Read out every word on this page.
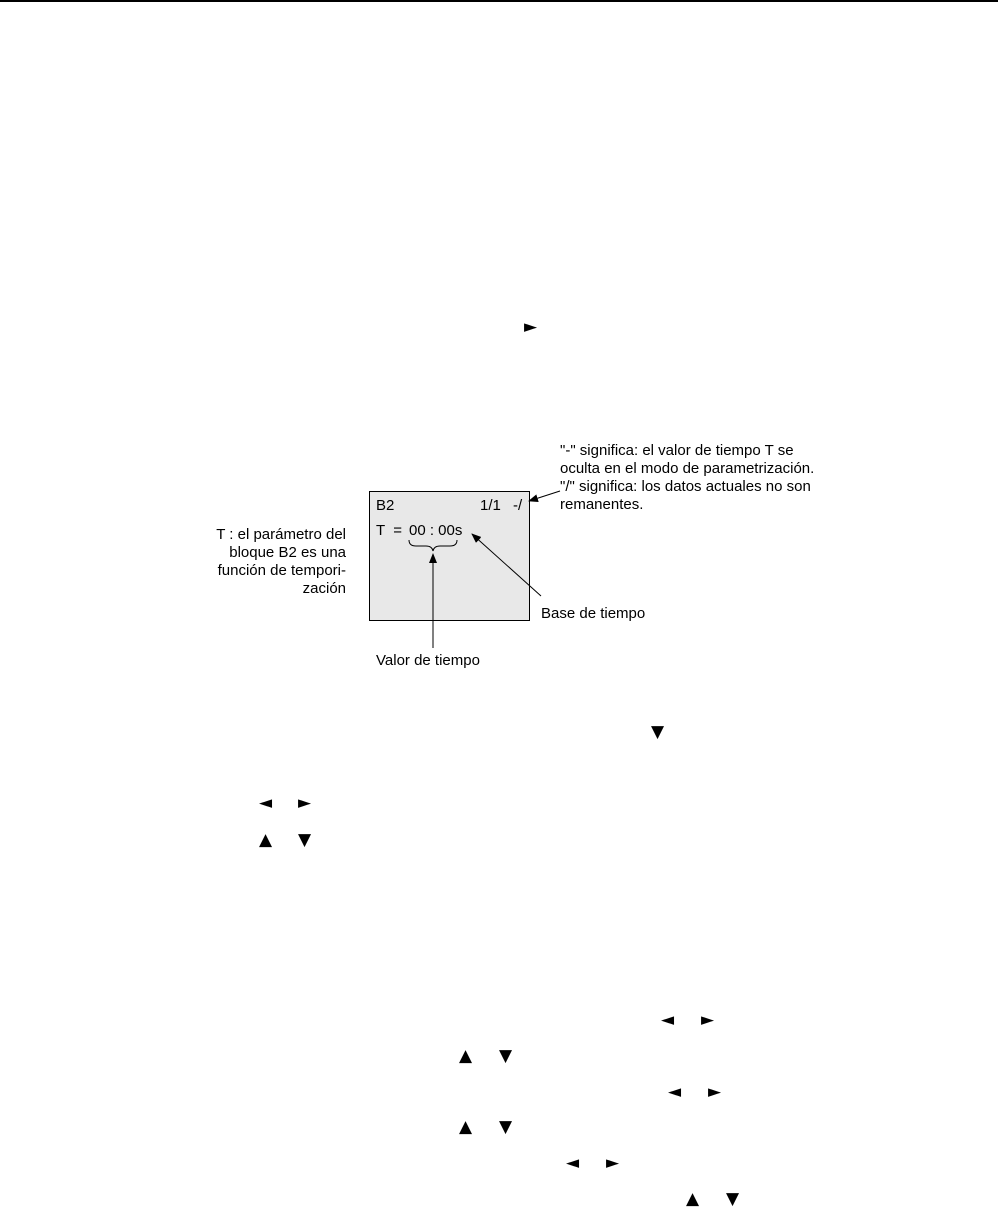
►
▼
◄ ►
▲ ▼
◄ ►
▲ ▼
◄ ►
▲ ▼
◄ ►
▲ ▼
"-" significa: el valor de tiempo T se
oculta en el modo de parametrización.
"/" significa: los datos actuales no son
remanentes.
T : el parámetro del
bloque B2 es una
función de tempori-
zación
B2	1/1 -/
T  = 00 : 00s
Base de tiempo
Valor de tiempo
